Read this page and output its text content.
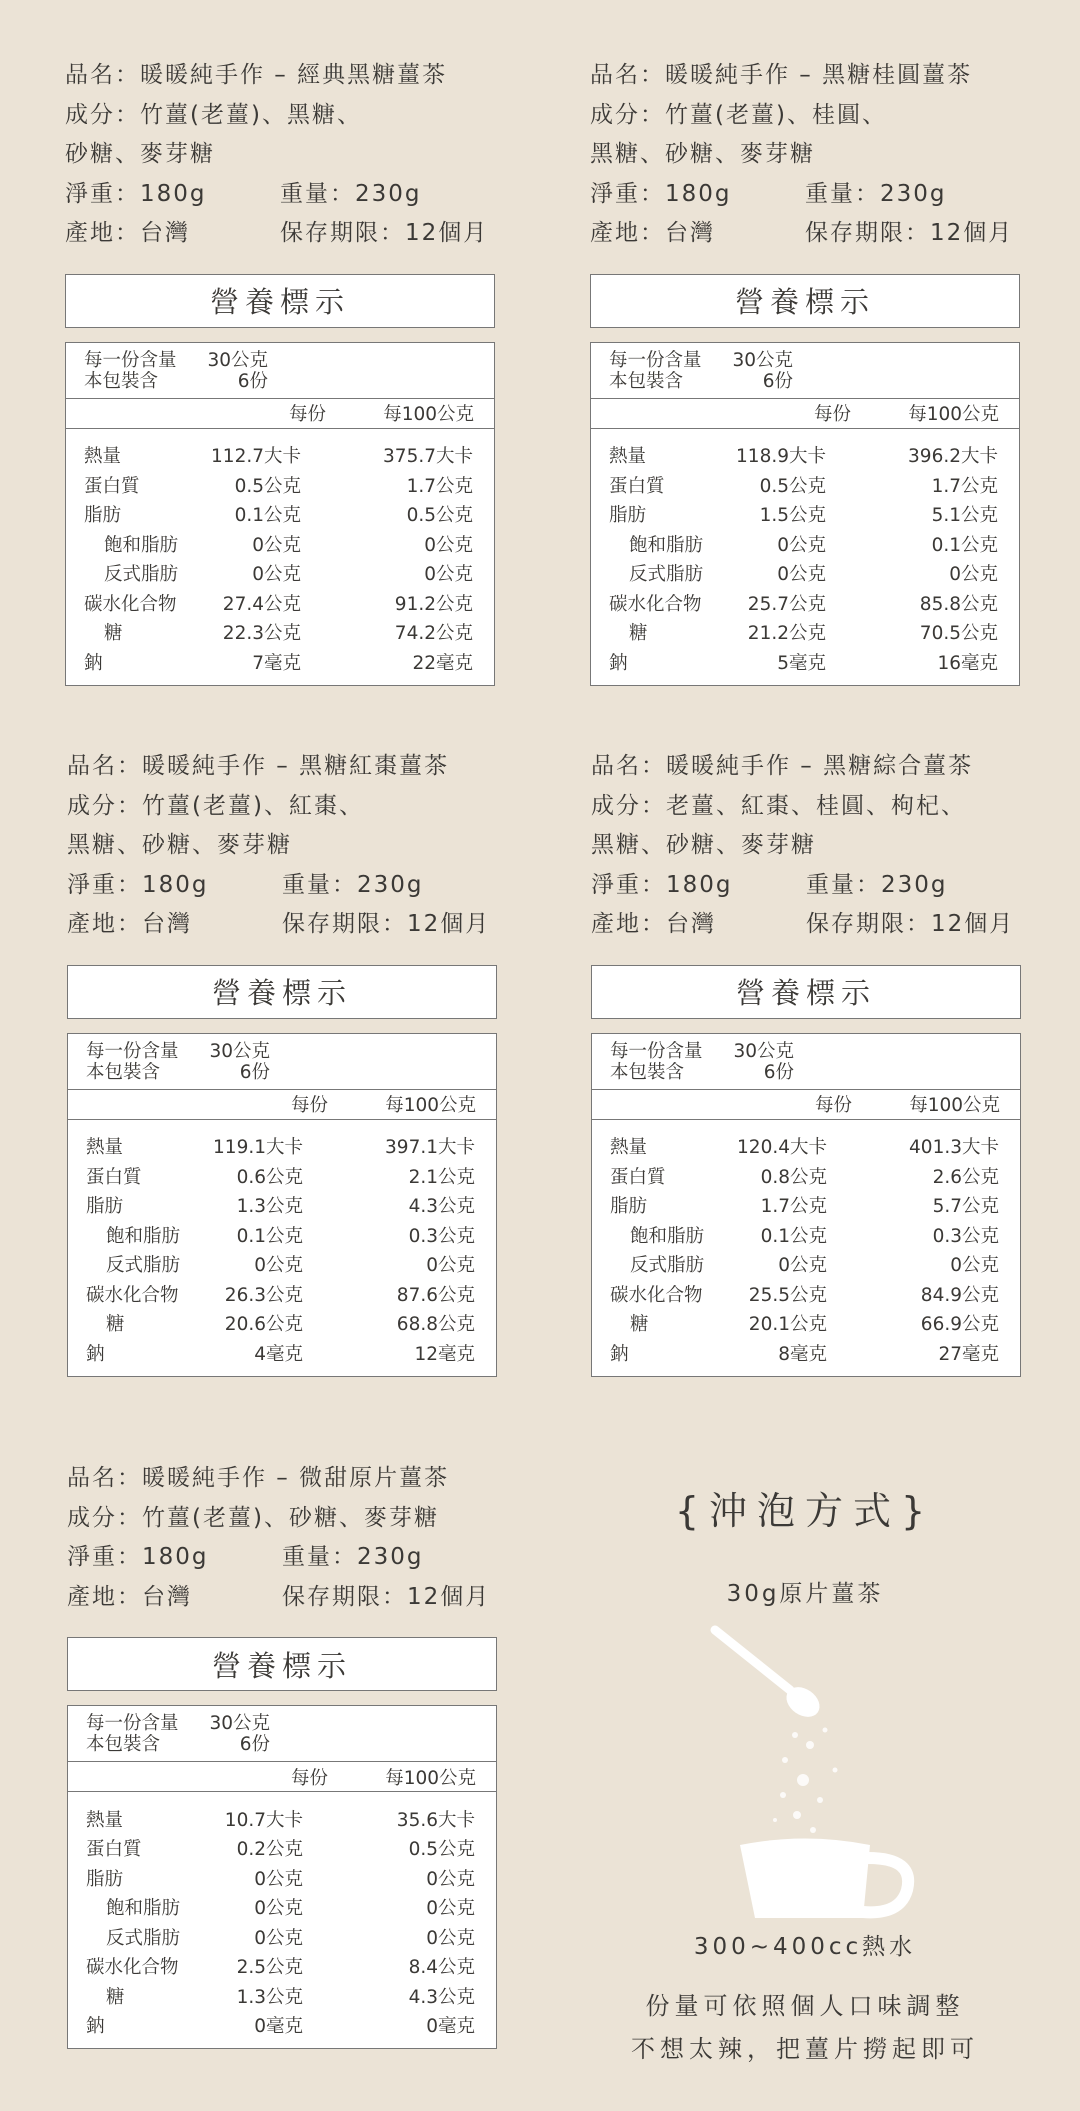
品名：暖暖純手作 – 經典黑糖薑茶
成分：竹薑(老薑)、黑糖、
砂糖、麥芽糖
淨重：180g	重量：230g
產地：台灣	保存期限：12個月
營養標示
每一份含量	30公克
本包裝含	6份
每份	每100公克
熱量	112.7大卡	375.7大卡
蛋白質	0.5公克	1.7公克
脂肪	0.1公克	0.5公克
飽和脂肪	0公克	0公克
反式脂肪	0公克	0公克
碳水化合物	27.4公克	91.2公克
糖	22.3公克	74.2公克
鈉	7毫克	22毫克
品名：暖暖純手作 – 黑糖桂圓薑茶
成分：竹薑(老薑)、桂圓、
黑糖、砂糖、麥芽糖
淨重：180g	重量：230g
產地：台灣	保存期限：12個月
營養標示
每一份含量	30公克
本包裝含	6份
每份	每100公克
熱量	118.9大卡	396.2大卡
蛋白質	0.5公克	1.7公克
脂肪	1.5公克	5.1公克
飽和脂肪	0公克	0.1公克
反式脂肪	0公克	0公克
碳水化合物	25.7公克	85.8公克
糖	21.2公克	70.5公克
鈉	5毫克	16毫克
品名：暖暖純手作 – 黑糖紅棗薑茶
成分：竹薑(老薑)、紅棗、
黑糖、砂糖、麥芽糖
淨重：180g	重量：230g
產地：台灣	保存期限：12個月
營養標示
每一份含量	30公克
本包裝含	6份
每份	每100公克
熱量	119.1大卡	397.1大卡
蛋白質	0.6公克	2.1公克
脂肪	1.3公克	4.3公克
飽和脂肪	0.1公克	0.3公克
反式脂肪	0公克	0公克
碳水化合物	26.3公克	87.6公克
糖	20.6公克	68.8公克
鈉	4毫克	12毫克
品名：暖暖純手作 – 黑糖綜合薑茶
成分：老薑、紅棗、桂圓、枸杞、
黑糖、砂糖、麥芽糖
淨重：180g	重量：230g
產地：台灣	保存期限：12個月
營養標示
每一份含量	30公克
本包裝含	6份
每份	每100公克
熱量	120.4大卡	401.3大卡
蛋白質	0.8公克	2.6公克
脂肪	1.7公克	5.7公克
飽和脂肪	0.1公克	0.3公克
反式脂肪	0公克	0公克
碳水化合物	25.5公克	84.9公克
糖	20.1公克	66.9公克
鈉	8毫克	27毫克
品名：暖暖純手作 – 微甜原片薑茶
成分：竹薑(老薑)、砂糖、麥芽糖
淨重：180g	重量：230g
產地：台灣	保存期限：12個月
營養標示
每一份含量	30公克
本包裝含	6份
每份	每100公克
熱量	10.7大卡	35.6大卡
蛋白質	0.2公克	0.5公克
脂肪	0公克	0公克
飽和脂肪	0公克	0公克
反式脂肪	0公克	0公克
碳水化合物	2.5公克	8.4公克
糖	1.3公克	4.3公克
鈉	0毫克	0毫克
{沖泡方式}
30g原片薑茶
300~400cc熱水
份量可依照個人口味調整
不想太辣，把薑片撈起即可
